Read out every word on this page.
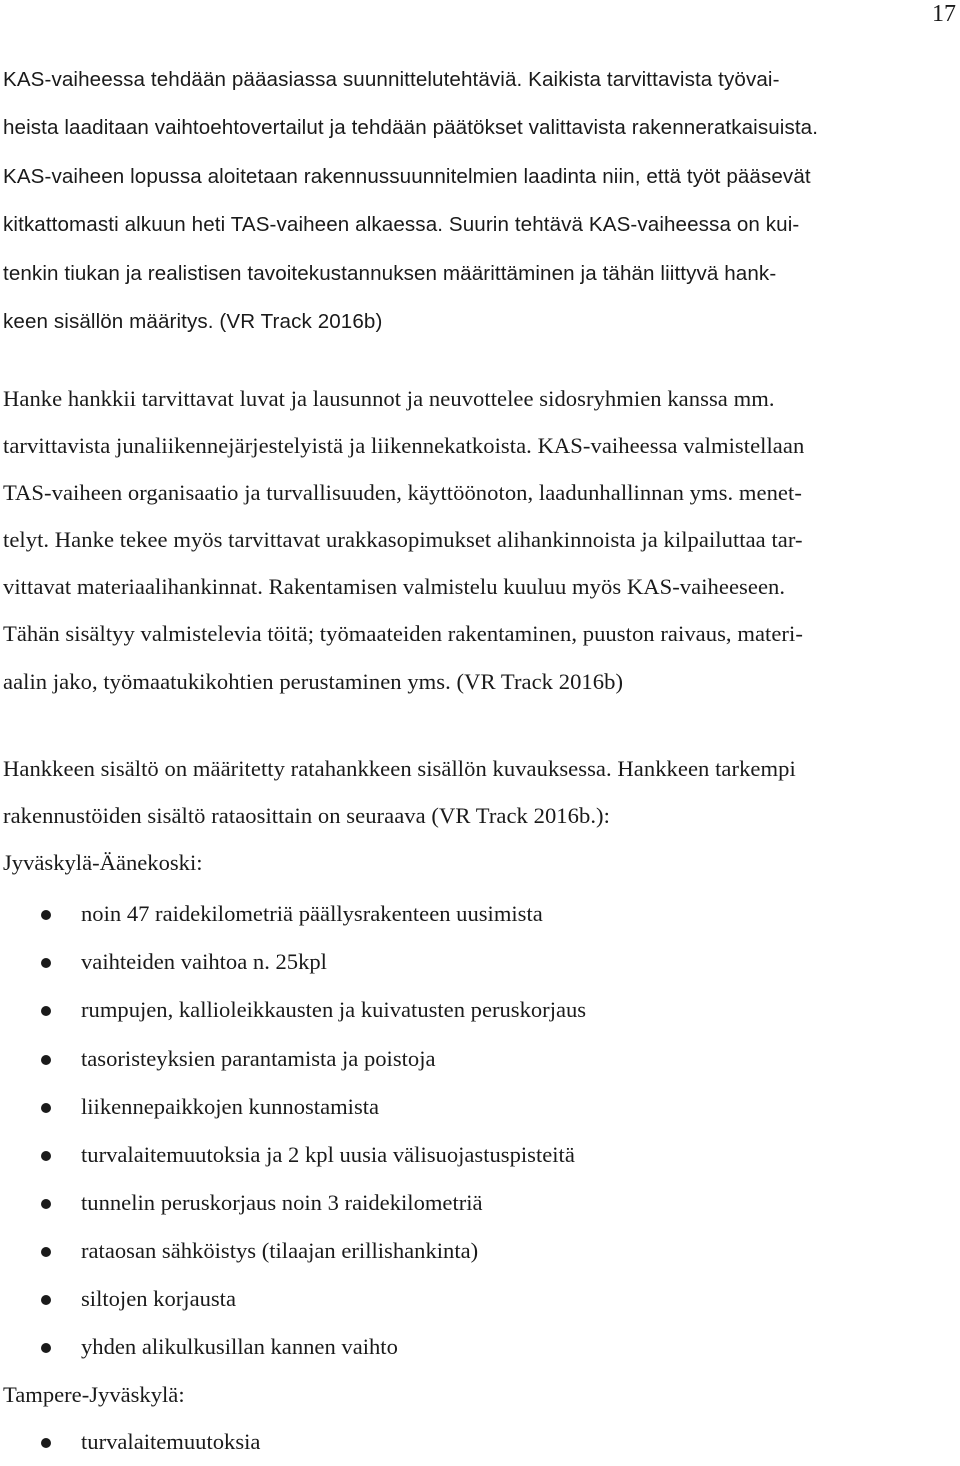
17
KAS-vaiheessa tehdään pääasiassa suunnittelutehtäviä. Kaikista tarvittavista työvai-
heista laaditaan vaihtoehtovertailut ja tehdään päätökset valittavista rakenneratkaisuista.
KAS-vaiheen lopussa aloitetaan rakennussuunnitelmien laadinta niin, että työt pääsevät
kitkattomasti alkuun heti TAS-vaiheen alkaessa. Suurin tehtävä KAS-vaiheessa on kui-
tenkin tiukan ja realistisen tavoitekustannuksen määrittäminen ja tähän liittyvä hank-
keen sisällön määritys. (VR Track 2016b)
Hanke hankkii tarvittavat luvat ja lausunnot ja neuvottelee sidosryhmien kanssa mm.
tarvittavista junaliikennejärjestelyistä ja liikennekatkoista. KAS-vaiheessa valmistellaan
TAS-vaiheen organisaatio ja turvallisuuden, käyttöönoton, laadunhallinnan yms. menet-
telyt. Hanke tekee myös tarvittavat urakkasopimukset alihankinnoista ja kilpailuttaa tar-
vittavat materiaalihankinnat. Rakentamisen valmistelu kuuluu myös KAS-vaiheeseen.
Tähän sisältyy valmistelevia töitä; työmaateiden rakentaminen, puuston raivaus, materi-
aalin jako, työmaatukikohtien perustaminen yms. (VR Track 2016b)
Hankkeen sisältö on määritetty ratahankkeen sisällön kuvauksessa. Hankkeen tarkempi
rakennustöiden sisältö rataosittain on seuraava (VR Track 2016b.):
Jyväskylä-Äänekoski:
noin 47 raidekilometriä päällysrakenteen uusimista
vaihteiden vaihtoa n. 25kpl
rumpujen, kallioleikkausten ja kuivatusten peruskorjaus
tasoristeyksien parantamista ja poistoja
liikennepaikkojen kunnostamista
turvalaitemuutoksia ja 2 kpl uusia välisuojastuspisteitä
tunnelin peruskorjaus noin 3 raidekilometriä
rataosan sähköistys (tilaajan erillishankinta)
siltojen korjausta
yhden alikulkusillan kannen vaihto
Tampere-Jyväskylä:
turvalaitemuutoksia
